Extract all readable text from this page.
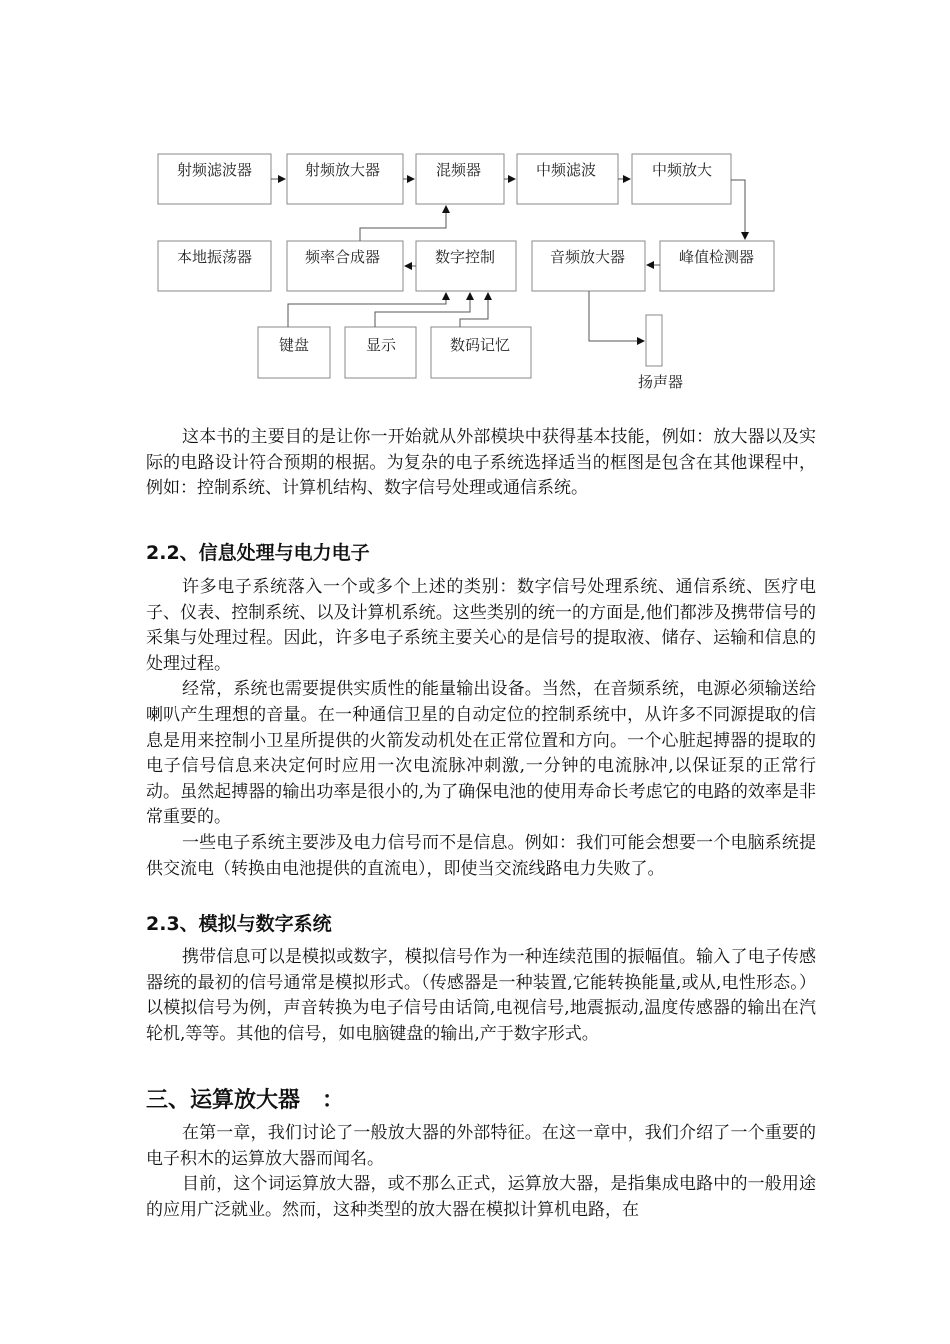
射频滤波器	射频放大器	混频器	中频滤波	中频放大
本地振荡器	频率合成器	数字控制	音频放大器	峰值检测器
键盘	显示	数码记忆
扬声器

这本书的主要目的是让你一开始就从外部模块中获得基本技能，例如：放大器以及实际的电路设计符合预期的根据。为复杂的电子系统选择适当的框图是包含在其他课程中，例如：控制系统、计算机结构、数字信号处理或通信系统。

2.2、信息处理与电力电子

许多电子系统落入一个或多个上述的类别：数字信号处理系统、通信系统、医疗电子、仪表、控制系统、以及计算机系统。这些类别的统一的方面是,他们都涉及携带信号的采集与处理过程。因此，许多电子系统主要关心的是信号的提取液、储存、运输和信息的处理过程。

经常，系统也需要提供实质性的能量输出设备。当然，在音频系统，电源必须输送给喇叭产生理想的音量。在一种通信卫星的自动定位的控制系统中，从许多不同源提取的信息是用来控制小卫星所提供的火箭发动机处在正常位置和方向。一个心脏起搏器的提取的电子信号信息来决定何时应用一次电流脉冲刺激,一分钟的电流脉冲,以保证泵的正常行动。虽然起搏器的输出功率是很小的,为了确保电池的使用寿命长考虑它的电路的效率是非常重要的。

一些电子系统主要涉及电力信号而不是信息。例如：我们可能会想要一个电脑系统提供交流电（转换由电池提供的直流电），即使当交流线路电力失败了。

2.3、模拟与数字系统

携带信息可以是模拟或数字，模拟信号作为一种连续范围的振幅值。输入了电子传感器统的最初的信号通常是模拟形式。（传感器是一种装置,它能转换能量,或从,电性形态。）以模拟信号为例，声音转换为电子信号由话筒,电视信号,地震振动,温度传感器的输出在汽轮机,等等。其他的信号，如电脑键盘的输出,产于数字形式。

三、运算放大器　：

在第一章，我们讨论了一般放大器的外部特征。在这一章中，我们介绍了一个重要的电子积木的运算放大器而闻名。

目前，这个词运算放大器，或不那么正式，运算放大器，是指集成电路中的一般用途的应用广泛就业。然而，这种类型的放大器在模拟计算机电路，在
